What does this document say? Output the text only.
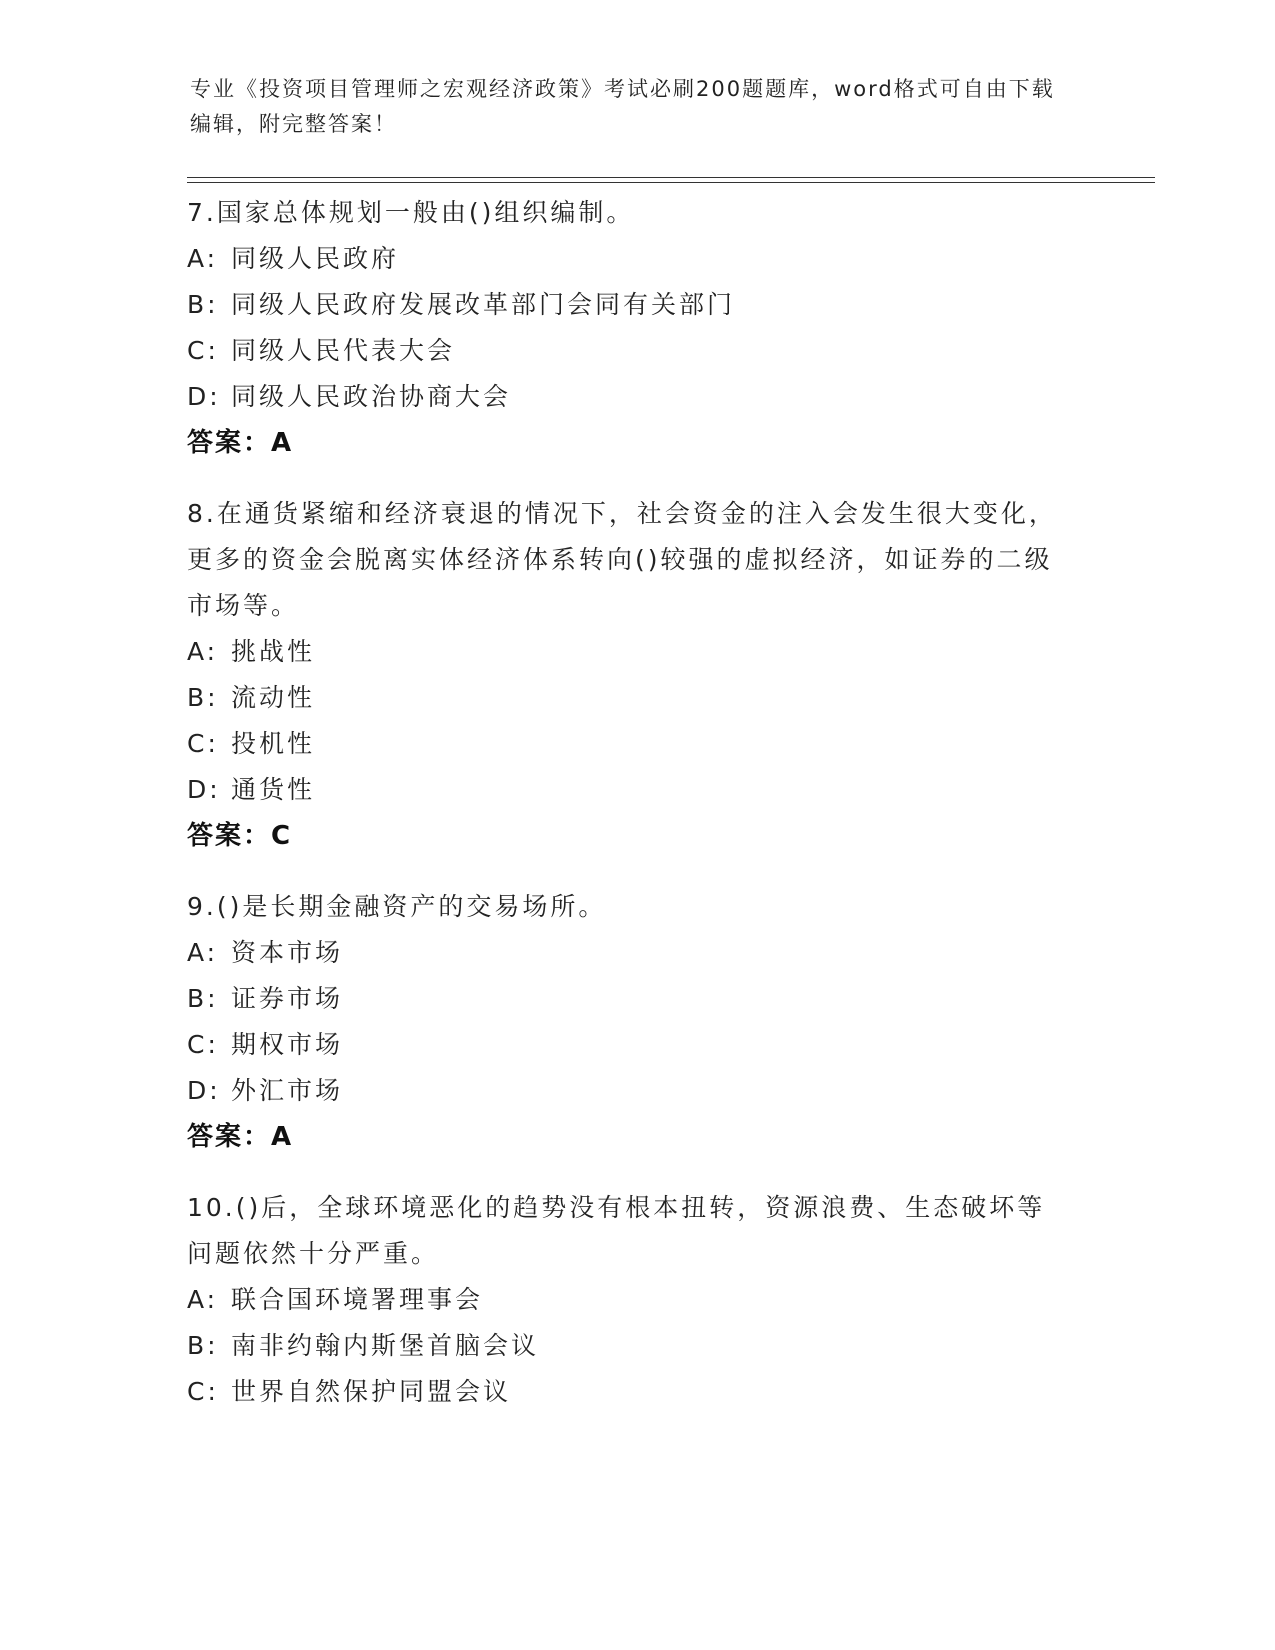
专业《投资项目管理师之宏观经济政策》考试必刷200题题库，word格式可自由下载编辑，附完整答案！
7.国家总体规划一般由()组织编制。
A: 同级人民政府
B: 同级人民政府发展改革部门会同有关部门
C: 同级人民代表大会
D: 同级人民政治协商大会
答案：A
8.在通货紧缩和经济衰退的情况下，社会资金的注入会发生很大变化，更多的资金会脱离实体经济体系转向()较强的虚拟经济，如证券的二级市场等。
A: 挑战性
B: 流动性
C: 投机性
D: 通货性
答案：C
9.()是长期金融资产的交易场所。
A: 资本市场
B: 证券市场
C: 期权市场
D: 外汇市场
答案：A
10.()后，全球环境恶化的趋势没有根本扭转，资源浪费、生态破坏等问题依然十分严重。
A: 联合国环境署理事会
B: 南非约翰内斯堡首脑会议
C: 世界自然保护同盟会议
